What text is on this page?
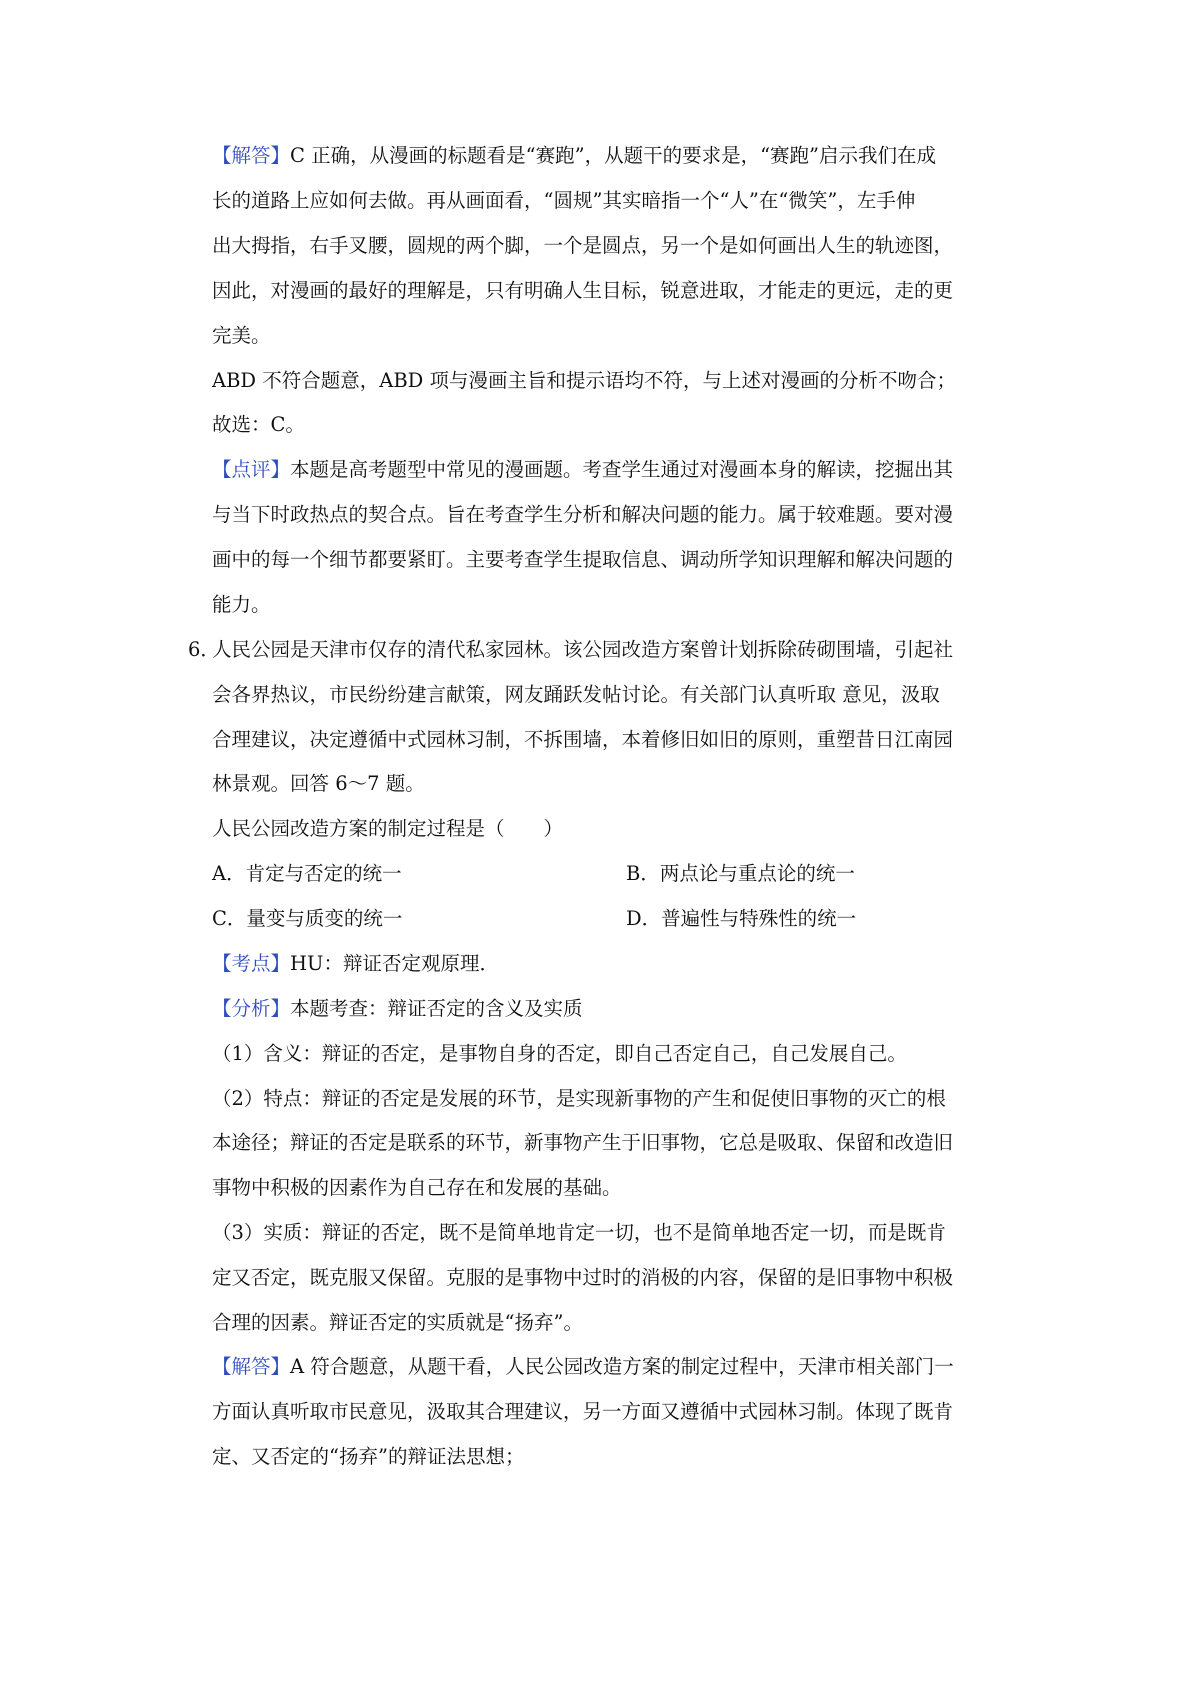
【解答】C 正确，从漫画的标题看是“赛跑”，从题干的要求是，“赛跑”启示我们在成
长的道路上应如何去做。再从画面看，“圆规”其实暗指一个“人”在“微笑”，左手伸
出大拇指，右手叉腰，圆规的两个脚，一个是圆点，另一个是如何画出人生的轨迹图，
因此，对漫画的最好的理解是，只有明确人生目标，锐意进取，才能走的更远，走的更
完美。
ABD 不符合题意，ABD 项与漫画主旨和提示语均不符，与上述对漫画的分析不吻合；
故选：C。
【点评】本题是高考题型中常见的漫画题。考查学生通过对漫画本身的解读，挖掘出其
与当下时政热点的契合点。旨在考查学生分析和解决问题的能力。属于较难题。要对漫
画中的每一个细节都要紧盯。主要考查学生提取信息、调动所学知识理解和解决问题的
能力。
6．
人民公园是天津市仅存的清代私家园林。该公园改造方案曾计划拆除砖砌围墙，引起社
会各界热议，市民纷纷建言献策，网友踊跃发帖讨论。有关部门认真听取 意见，汲取
合理建议，决定遵循中式园林习制，不拆围墙，本着修旧如旧的原则，重塑昔日江南园
林景观。回答 6～7 题。
人民公园改造方案的制定过程是（　　）
A．肯定与否定的统一	B．两点论与重点论的统一
C．量变与质变的统一	D．普遍性与特殊性的统一
【考点】HU：辩证否定观原理．
【分析】本题考查：辩证否定的含义及实质
（1）含义：辩证的否定，是事物自身的否定，即自己否定自己，自己发展自己。
（2）特点：辩证的否定是发展的环节，是实现新事物的产生和促使旧事物的灭亡的根
本途径；辩证的否定是联系的环节，新事物产生于旧事物，它总是吸取、保留和改造旧
事物中积极的因素作为自己存在和发展的基础。
（3）实质：辩证的否定，既不是简单地肯定一切，也不是简单地否定一切，而是既肯
定又否定，既克服又保留。克服的是事物中过时的消极的内容，保留的是旧事物中积极
合理的因素。辩证否定的实质就是“扬弃”。
【解答】A 符合题意，从题干看，人民公园改造方案的制定过程中，天津市相关部门一
方面认真听取市民意见，汲取其合理建议，另一方面又遵循中式园林习制。体现了既肯
定、又否定的“扬弃”的辩证法思想；
